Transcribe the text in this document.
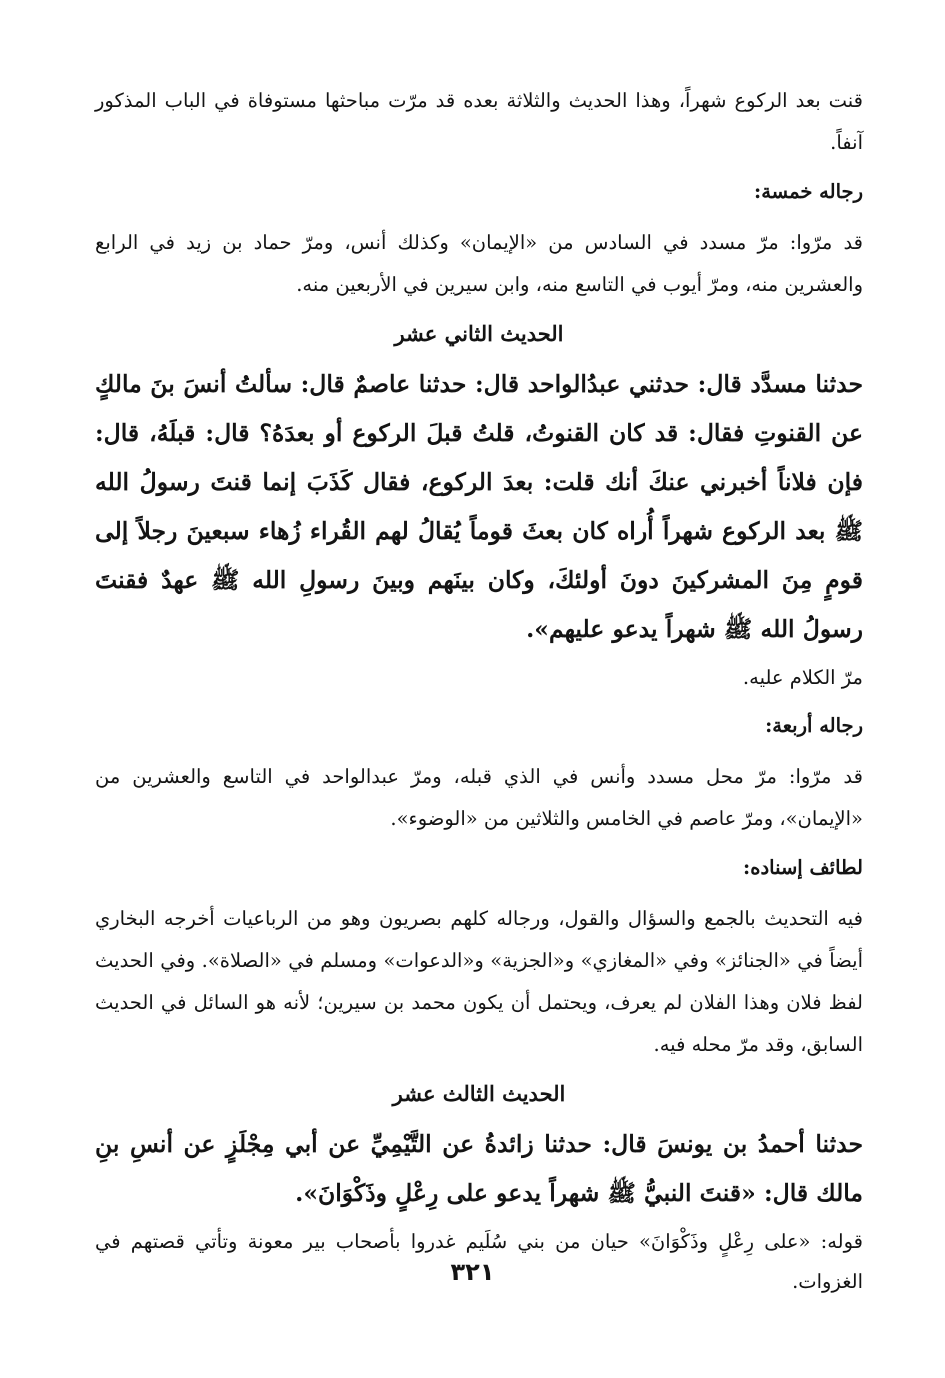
قنت بعد الركوع شهراً، وهذا الحديث والثلاثة بعده قد مرّت مباحثها مستوفاة في الباب المذكور آنفاً.

رجاله خمسة:

قد مرّوا: مرّ مسدد في السادس من «الإيمان» وكذلك أنس، ومرّ حماد بن زيد في الرابع والعشرين منه، ومرّ أيوب في التاسع منه، وابن سيرين في الأربعين منه.

الحديث الثاني عشر

حدثنا مسدَّد قال: حدثني عبدُالواحد قال: حدثنا عاصمٌ قال: سألتُ أنسَ بنَ مالكٍ عن القنوتِ فقال: قد كان القنوتُ، قلتُ قبلَ الركوع أو بعدَهُ؟ قال: قبلَهُ، قال: فإن فلاناً أخبرني عنكَ أنك قلت: بعدَ الركوع، فقال كَذَبَ إنما قنتَ رسولُ الله ﷺ بعد الركوع شهراً أُراه كان بعثَ قوماً يُقالُ لهم القُراء زُهاء سبعينَ رجلاً إلى قومٍ مِنَ المشركينَ دونَ أولئكَ، وكان بينَهم وبينَ رسولِ الله ﷺ عهدٌ فقنتَ رسولُ الله ﷺ شهراً يدعو عليهم».

مرّ الكلام عليه.

رجاله أربعة:

قد مرّوا: مرّ محل مسدد وأنس في الذي قبله، ومرّ عبدالواحد في التاسع والعشرين من «الإيمان»، ومرّ عاصم في الخامس والثلاثين من «الوضوء».

لطائف إسناده:

فيه التحديث بالجمع والسؤال والقول، ورجاله كلهم بصريون وهو من الرباعيات أخرجه البخاري أيضاً في «الجنائز» وفي «المغازي» و«الجزية» و«الدعوات» ومسلم في «الصلاة». وفي الحديث لفظ فلان وهذا الفلان لم يعرف، ويحتمل أن يكون محمد بن سيرين؛ لأنه هو السائل في الحديث السابق، وقد مرّ محله فيه.

الحديث الثالث عشر

حدثنا أحمدُ بن يونسَ قال: حدثنا زائدةُ عن التَّيْمِيِّ عن أبي مِجْلَزٍ عن أنسِ بنِ مالك قال: «قنتَ النبيُّ ﷺ شهراً يدعو على رِعْلٍ وذَكْوَانَ».

قوله: «على رِعْلٍ وذَكْوَانَ» حيان من بني سُلَيم غدروا بأصحاب بير معونة وتأتي قصتهم في الغزوات.

٣٢١
